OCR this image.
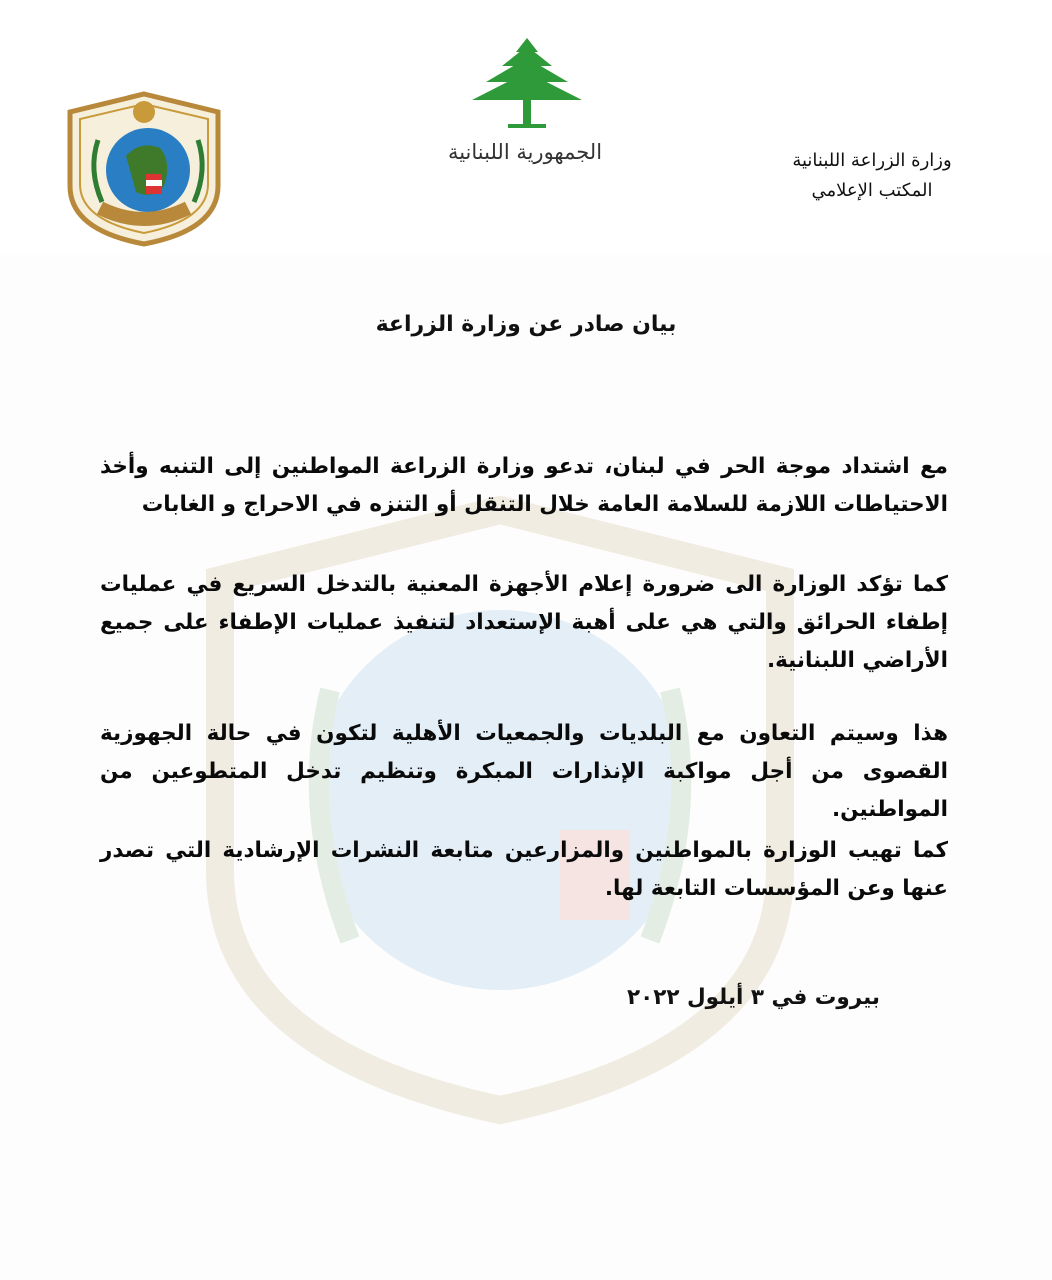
الجمهورية اللبنانية	وزارة الزراعة اللبنانية
المكتب الإعلامي
بيان صادر عن وزارة الزراعة
مع اشتداد موجة الحر في لبنان، تدعو وزارة الزراعة المواطنين إلى التنبه وأخذ الاحتياطات اللازمة للسلامة العامة خلال التنقل أو التنزه في الاحراج و الغابات
كما تؤكد الوزارة الى ضرورة إعلام الأجهزة المعنية بالتدخل السريع في عمليات إطفاء الحرائق والتي هي على أهبة الإستعداد لتنفيذ عمليات الإطفاء على جميع الأراضي اللبنانية.
هذا وسيتم التعاون مع البلديات والجمعيات الأهلية لتكون في حالة الجهوزية القصوى من أجل مواكبة الإنذارات المبكرة وتنظيم تدخل المتطوعين من المواطنين.
كما تهيب الوزارة بالمواطنين والمزارعين متابعة النشرات الإرشادية التي تصدر عنها وعن المؤسسات التابعة لها.
بيروت في ٣ أيلول ٢٠٢٢
